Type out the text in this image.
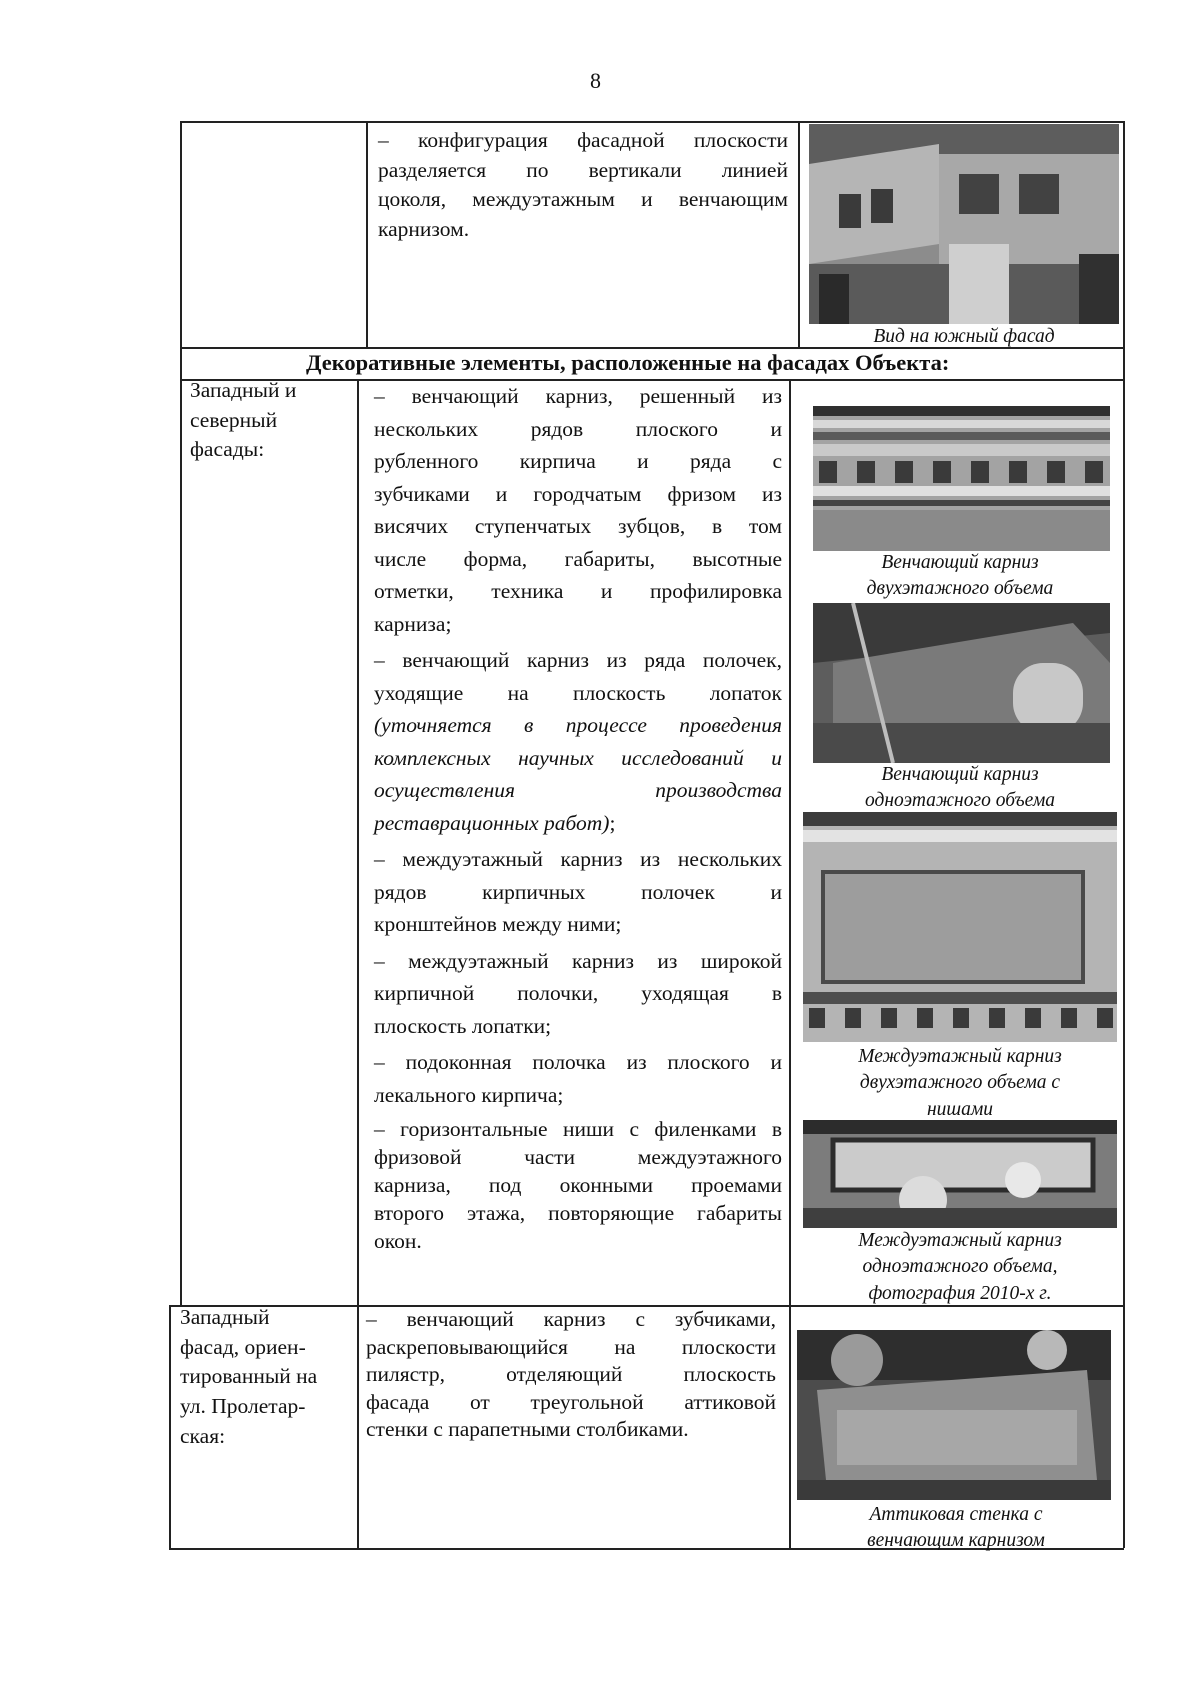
8
– конфигурация фасадной плоскости
разделяется по вертикали линией
цоколя, междуэтажным и венчающим
карнизом.
Вид на южный фасад
Декоративные элементы, расположенные на фасадах Объекта:
Западный и
северный
фасады:
– венчающий карниз, решенный из
нескольких рядов плоского и
рубленного кирпича и ряда с
зубчиками и городчатым фризом из
висячих ступенчатых зубцов, в том
числе форма, габариты, высотные
отметки, техника и профилировка
карниза;
– венчающий карниз из ряда полочек,
уходящие на плоскость лопаток
(уточняется в процессе проведения
комплексных научных исследований и
осуществления производства
реставрационных работ);
– междуэтажный карниз из нескольких
рядов кирпичных полочек и
кронштейнов между ними;
– междуэтажный карниз из широкой
кирпичной полочки, уходящая в
плоскость лопатки;
– подоконная полочка из плоского и
лекального кирпича;
– горизонтальные ниши с филенками в
фризовой части междуэтажного
карниза, под оконными проемами
второго этажа, повторяющие габариты
окон.
Венчающий карниз
двухэтажного объема
Венчающий карниз
одноэтажного объема
Междуэтажный карниз
двухэтажного объема с
нишами
Междуэтажный карниз
одноэтажного объема,
фотография 2010-х г.
Западный
фасад, ориен-
тированный на
ул. Пролетар-
ская:
– венчающий карниз с зубчиками,
раскреповывающийся на плоскости
пилястр, отделяющий плоскость
фасада от треугольной аттиковой
стенки с парапетными столбиками.
Аттиковая стенка с
венчающим карнизом
